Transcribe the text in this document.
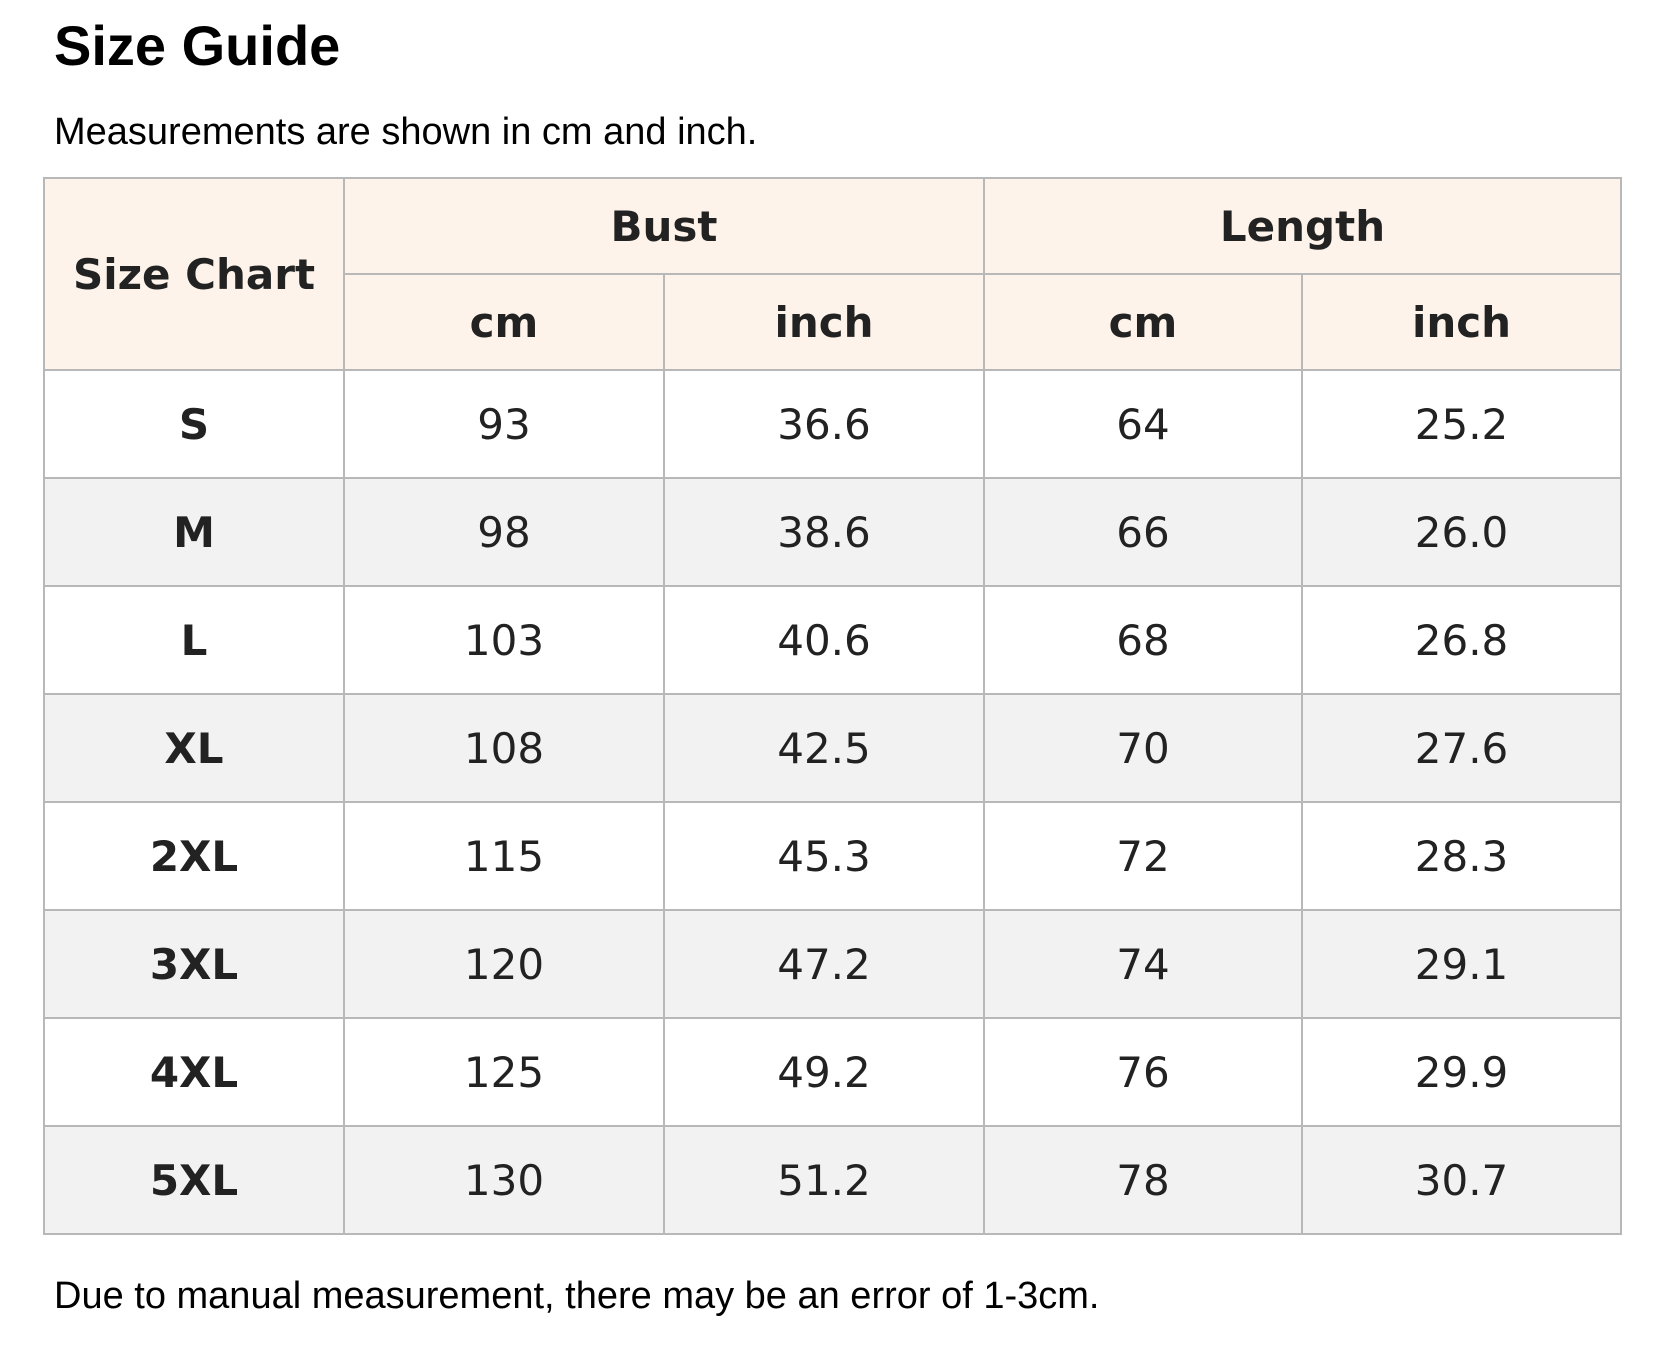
Size Guide

Measurements are shown in cm and inch.

Size Chart	Bust		Length	
	cm	inch	cm	inch
S	93	36.6	64	25.2
M	98	38.6	66	26.0
L	103	40.6	68	26.8
XL	108	42.5	70	27.6
2XL	115	45.3	72	28.3
3XL	120	47.2	74	29.1
4XL	125	49.2	76	29.9
5XL	130	51.2	78	30.7

Due to manual measurement, there may be an error of 1-3cm.
